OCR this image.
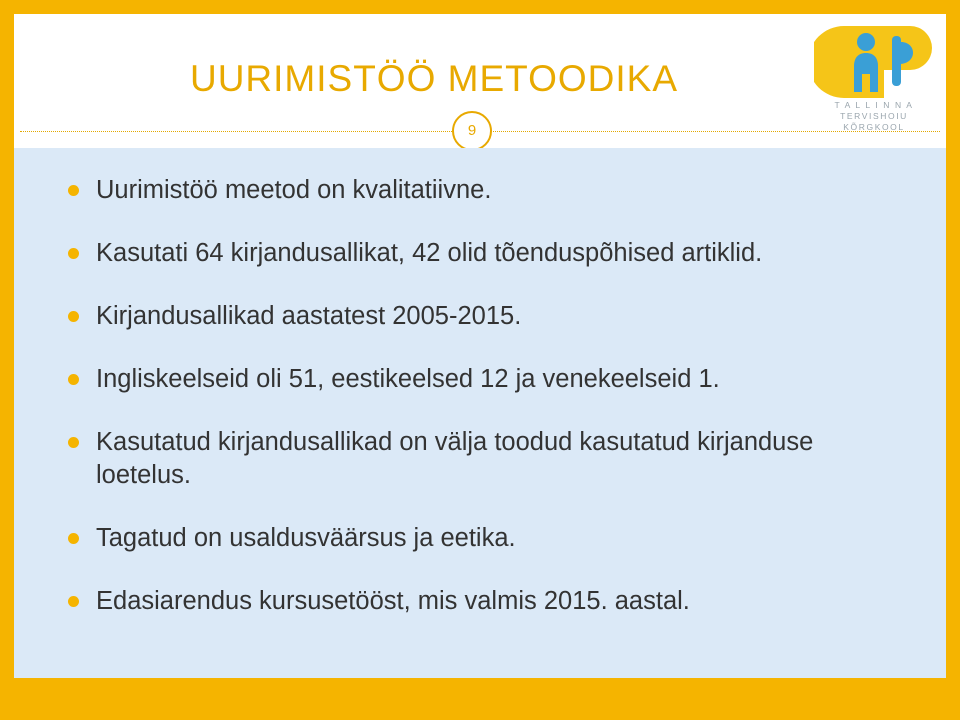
UURIMISTÖÖ METOODIKA
T A L L I N N A
TERVISHOIU
KÕRGKOOL
9
Uurimistöö meetod on kvalitatiivne.
Kasutati 64 kirjandusallikat, 42 olid tõenduspõhised artiklid.
Kirjandusallikad aastatest 2005-2015.
Ingliskeelseid oli 51, eestikeelsed 12 ja venekeelseid 1.
Kasutatud kirjandusallikad on välja toodud kasutatud kirjanduse loetelus.
Tagatud on usaldusväärsus ja eetika.
Edasiarendus kursusetööst, mis valmis 2015. aastal.
